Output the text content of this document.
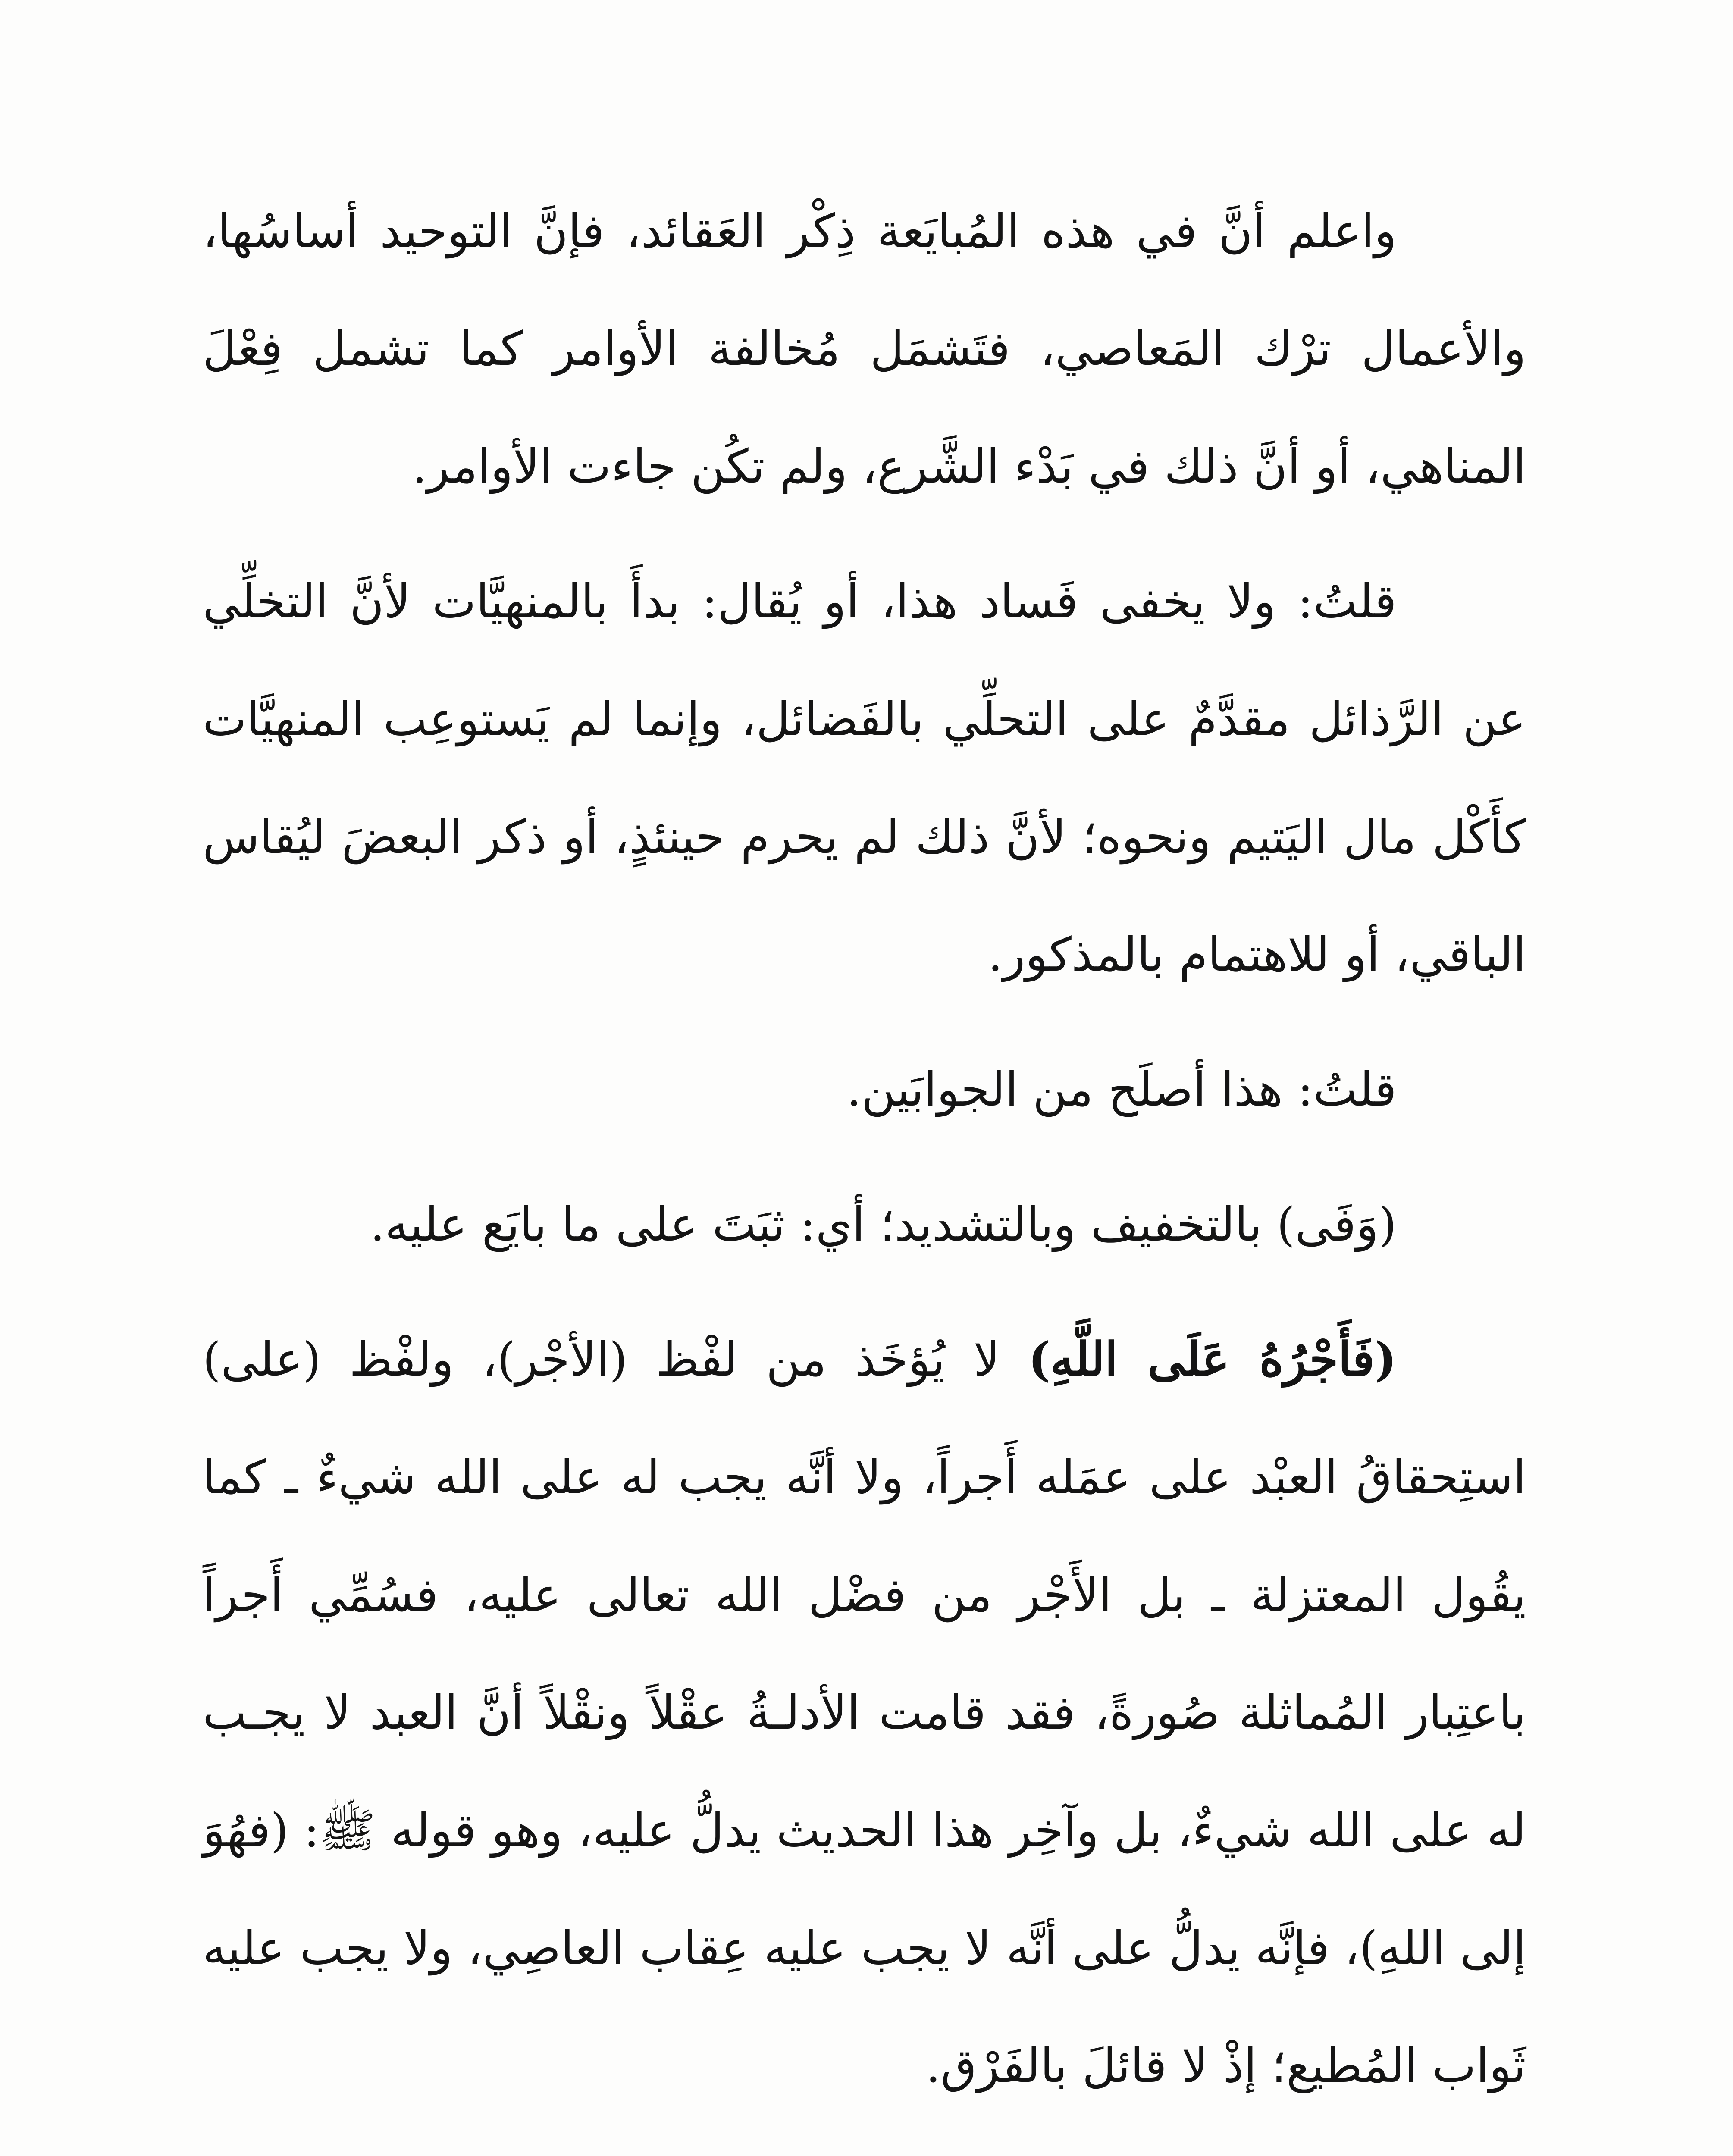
واعلم أنَّ في هذه المُبايَعة ذِكْر العَقائد، فإنَّ التوحيد أساسُها، والأعمال ترْك المَعاصي، فتَشمَل مُخالفة الأوامر كما تشمل فِعْلَ المناهي، أو أنَّ ذلك في بَدْء الشَّرع، ولم تكُن جاءت الأوامر.

قلتُ: ولا يخفى فَساد هذا، أو يُقال: بدأَ بالمنهيَّات لأنَّ التخلِّي عن الرَّذائل مقدَّمٌ على التحلِّي بالفَضائل، وإنما لم يَستوعِب المنهيَّات كأَكْل مال اليَتيم ونحوه؛ لأنَّ ذلك لم يحرم حينئذٍ، أو ذكر البعضَ ليُقاس الباقي، أو للاهتمام بالمذكور.

قلتُ: هذا أصلَح من الجوابَين.

(وَفَى) بالتخفيف وبالتشديد؛ أي: ثبَتَ على ما بايَع عليه.

(فَأَجْرُهُ عَلَى اللَّهِ) لا يُؤخَذ من لفْظ (الأجْر)، ولفْظ (على) استِحقاقُ العبْد على عمَله أَجراً، ولا أنَّه يجب له على الله شيءٌ ـ كما يقُول المعتزلة ـ بل الأَجْر من فضْل الله تعالى عليه، فسُمِّي أَجراً باعتِبار المُماثلة صُورةً، فقد قامت الأدلـةُ عقْلاً ونقْلاً أنَّ العبد لا يجـب له على الله شيءٌ، بل وآخِر هذا الحديث يدلُّ عليه، وهو قوله ﷺ: (فهُوَ إلى اللهِ)، فإنَّه يدلُّ على أنَّه لا يجب عليه عِقاب العاصِي، ولا يجب عليه ثَواب المُطيع؛ إذْ لا قائلَ بالفَرْق.
